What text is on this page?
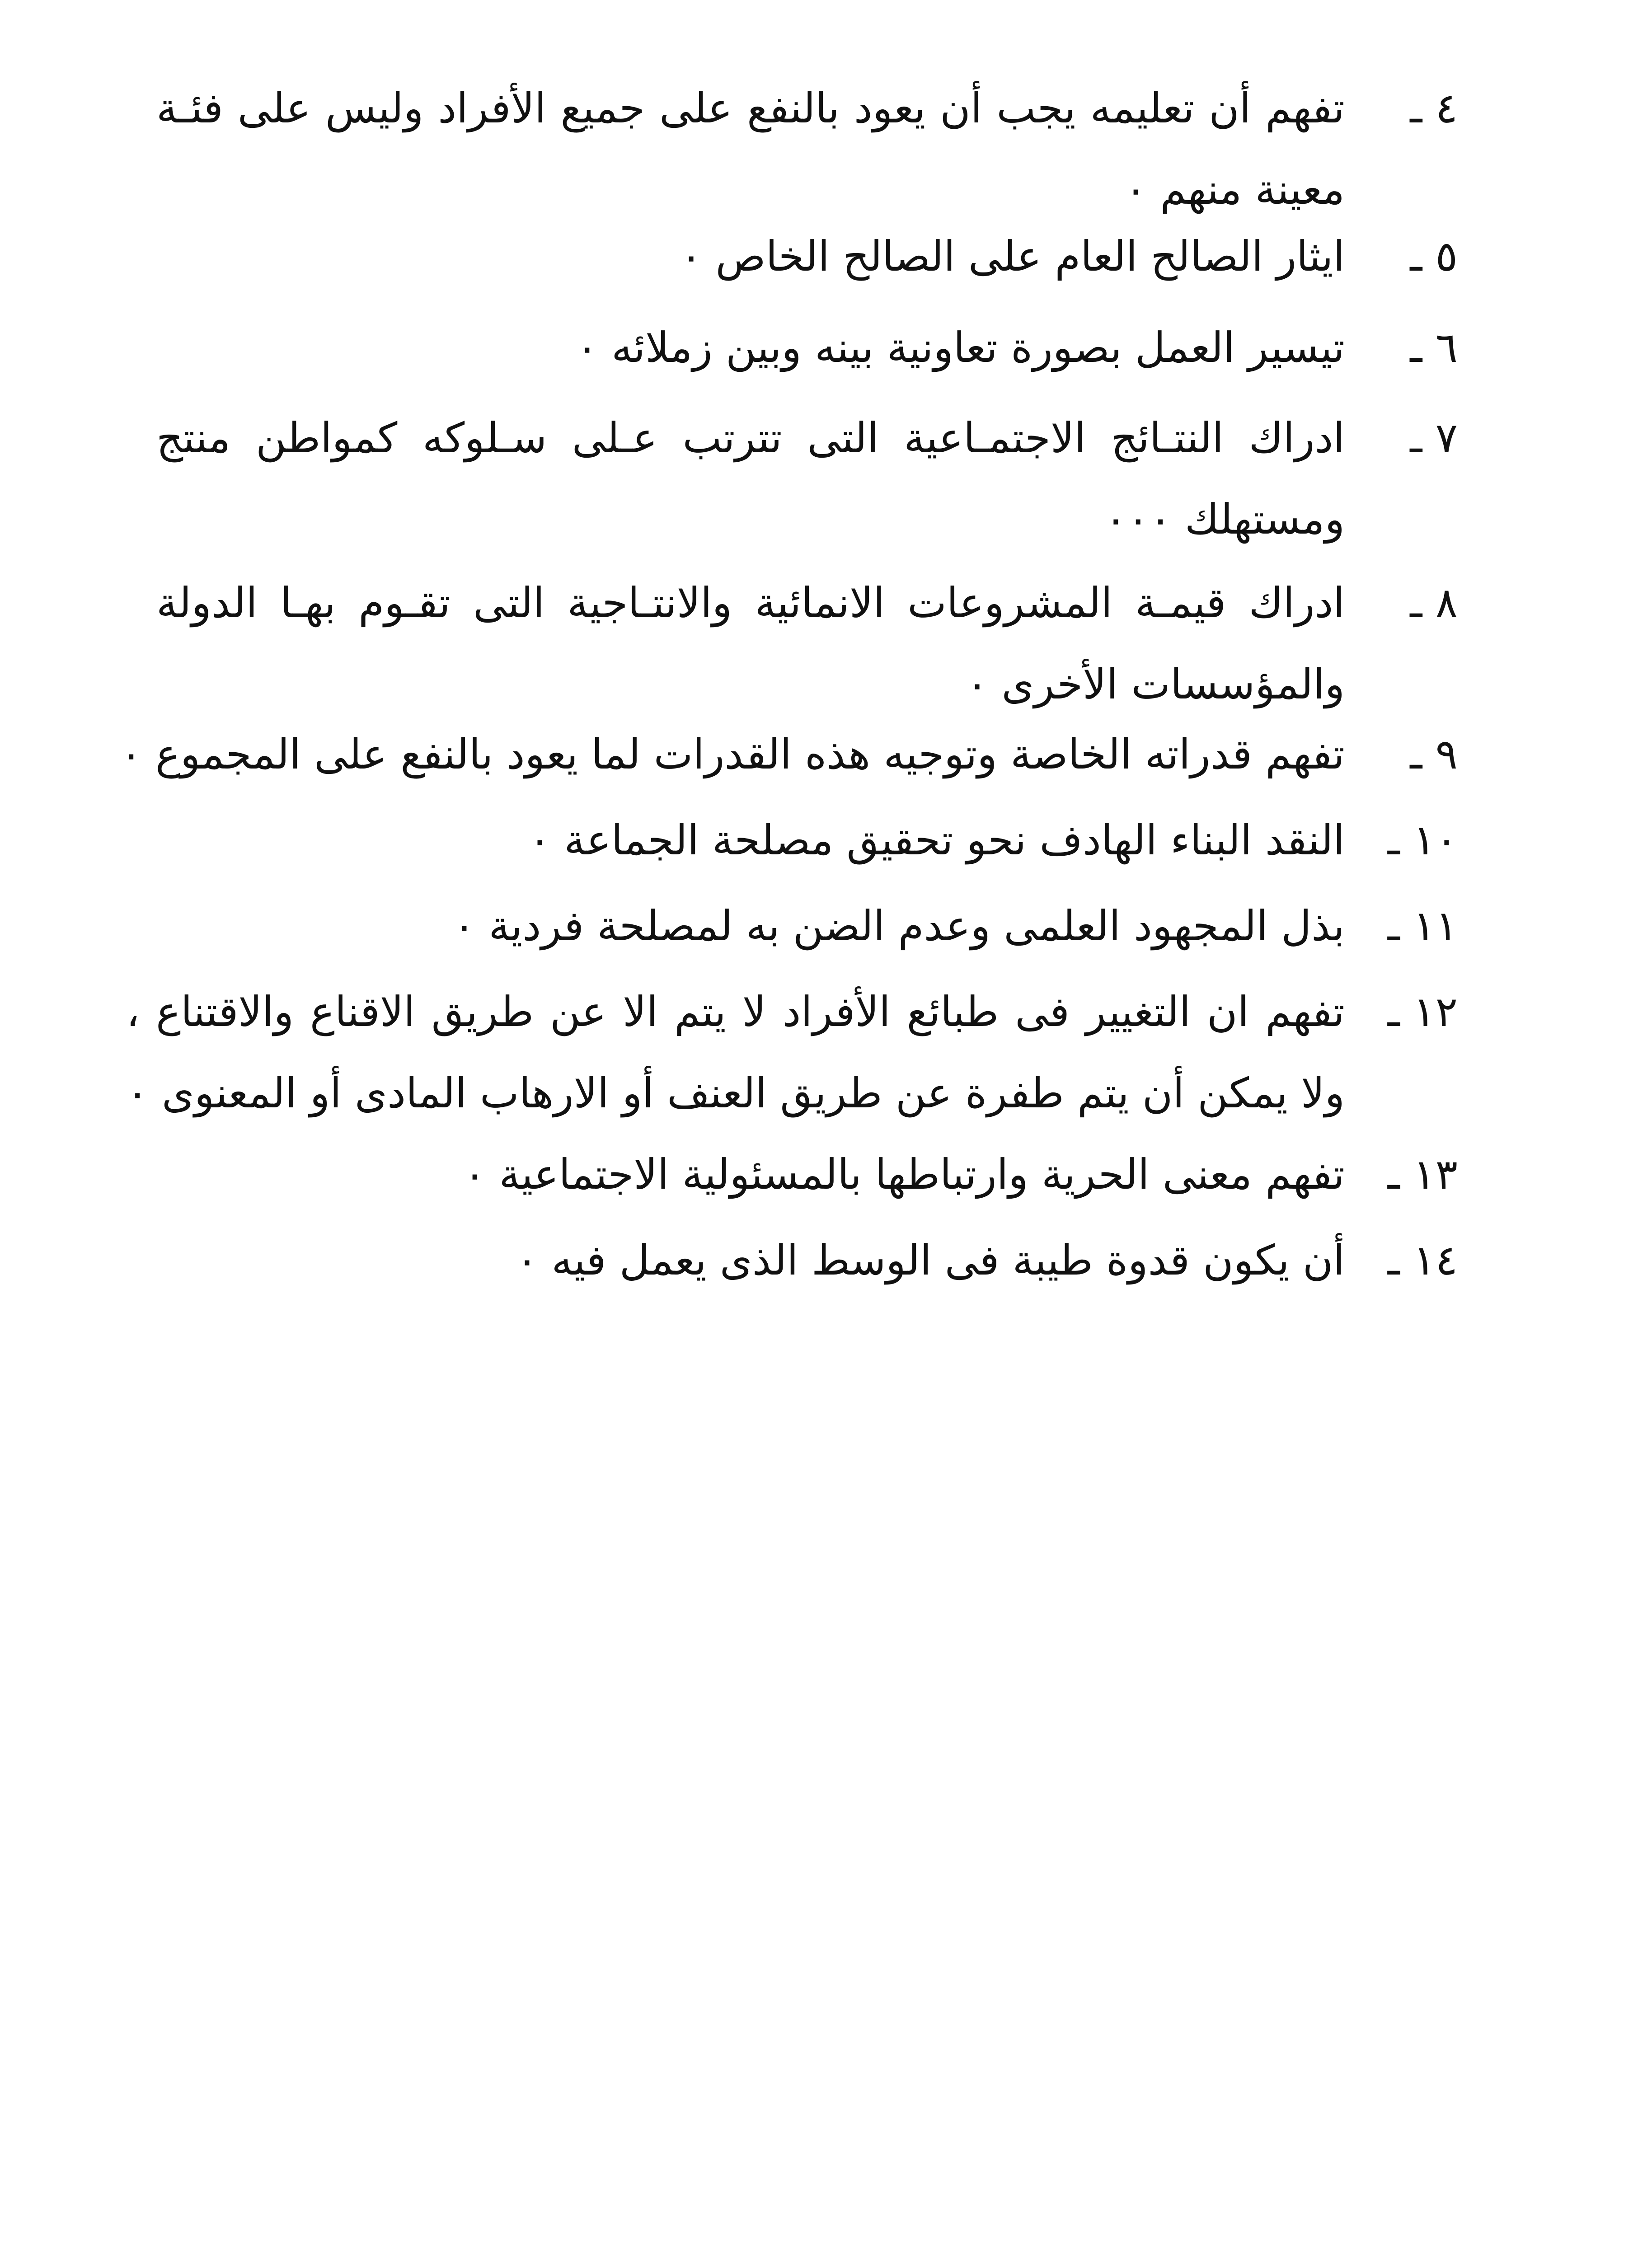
٤ ـ
تفهم أن تعليمه يجب أن يعود بالنفع على جميع الأفراد وليس على فئـة
معينة منهم ٠
٥ ـ
ايثار الصالح العام على الصالح الخاص ٠
٦ ـ
تيسير العمل بصورة تعاونية بينه وبين زملائه ٠
٧ ـ
ادراك النتـائج الاجتمـاعية التى تترتب عـلى سـلوكه كمواطن منتج
ومستهلك ٠٠٠
٨ ـ
ادراك قيمـة المشروعات الانمائية والانتـاجية التى تقـوم بهـا الدولة
والمؤسسات الأخرى ٠
٩ ـ
تفهم قدراته الخاصة وتوجيه هذه القدرات لما يعود بالنفع على المجموع ٠
١٠ ـ
النقد البناء الهادف نحو تحقيق مصلحة الجماعة ٠
١١ ـ
بذل المجهود العلمى وعدم الضن به لمصلحة فردية ٠
١٢ ـ
تفهم ان التغيير فى طبائع الأفراد لا يتم الا عن طريق الاقناع والاقتناع ،
ولا يمكن أن يتم طفرة عن طريق العنف أو الارهاب المادى أو المعنوى ٠
١٣ ـ
تفهم معنى الحرية وارتباطها بالمسئولية الاجتماعية ٠
١٤ ـ
أن يكون قدوة طيبة فى الوسط الذى يعمل فيه ٠
